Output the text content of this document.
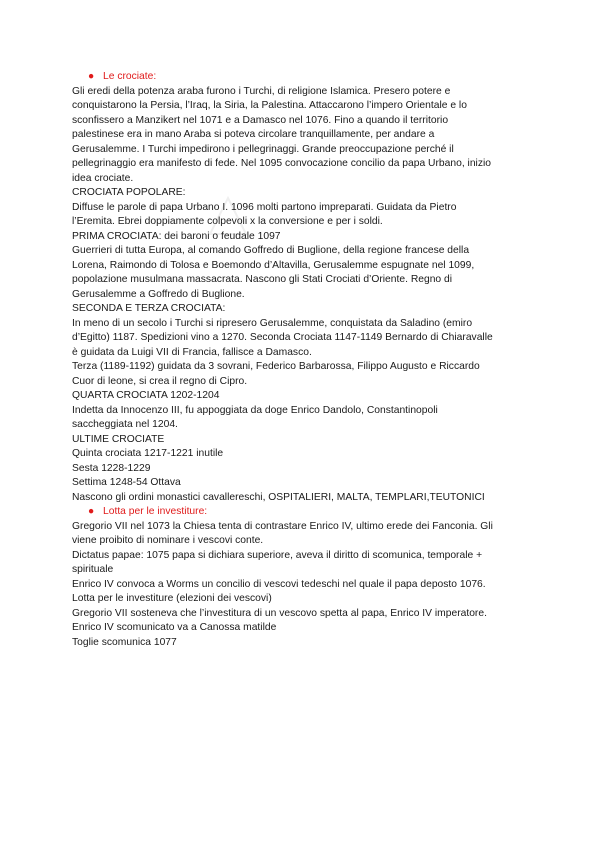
● Le crociate:
Gli eredi della potenza araba furono i Turchi, di religione Islamica. Presero potere e
conquistarono la Persia, l’Iraq, la Siria, la Palestina. Attaccarono l’impero Orientale e lo
sconfissero a Manzikert nel 1071 e a Damasco nel 1076. Fino a quando il territorio
palestinese era in mano Araba si poteva circolare tranquillamente, per andare a
Gerusalemme. I Turchi impedirono i pellegrinaggi. Grande preoccupazione perché il
pellegrinaggio era manifesto di fede. Nel 1095 convocazione concilio da papa Urbano, inizio
idea crociate.
CROCIATA POPOLARE:
Diffuse le parole di papa Urbano I. 1096 molti partono impreparati. Guidata da Pietro
l’Eremita. Ebrei doppiamente colpevoli x la conversione e per i soldi.
PRIMA CROCIATA: dei baroni o feudale 1097
Guerrieri di tutta Europa, al comando Goffredo di Buglione, della regione francese della
Lorena, Raimondo di Tolosa e Boemondo d’Altavilla, Gerusalemme espugnate nel 1099,
popolazione musulmana massacrata. Nascono gli Stati Crociati d’Oriente. Regno di
Gerusalemme a Goffredo di Buglione.
SECONDA E TERZA CROCIATA:
In meno di un secolo i Turchi si ripresero Gerusalemme, conquistata da Saladino (emiro
d’Egitto) 1187. Spedizioni vino a 1270. Seconda Crociata 1147-1149 Bernardo di Chiaravalle
è guidata da Luigi VII di Francia, fallisce a Damasco.
Terza (1189-1192) guidata da 3 sovrani, Federico Barbarossa, Filippo Augusto e Riccardo
Cuor di leone, si crea il regno di Cipro.
QUARTA CROCIATA 1202-1204
Indetta da Innocenzo III, fu appoggiata da doge Enrico Dandolo, Constantinopoli
saccheggiata nel 1204.
ULTIME CROCIATE
Quinta crociata 1217-1221 inutile
Sesta 1228-1229
Settima 1248-54 Ottava
Nascono gli ordini monastici cavallereschi, OSPITALIERI, MALTA, TEMPLARI,TEUTONICI
● Lotta per le investiture:
Gregorio VII nel 1073 la Chiesa tenta di contrastare Enrico IV, ultimo erede dei Fanconia. Gli
viene proibito di nominare i vescovi conte.
Dictatus papae: 1075 papa si dichiara superiore, aveva il diritto di scomunica, temporale +
spirituale
Enrico IV convoca a Worms un concilio di vescovi tedeschi nel quale il papa deposto 1076.
Lotta per le investiture (elezioni dei vescovi)
Gregorio VII sosteneva che l’investitura di un vescovo spetta al papa, Enrico IV imperatore.
Enrico IV scomunicato va a Canossa matilde
Toglie scomunica 1077
